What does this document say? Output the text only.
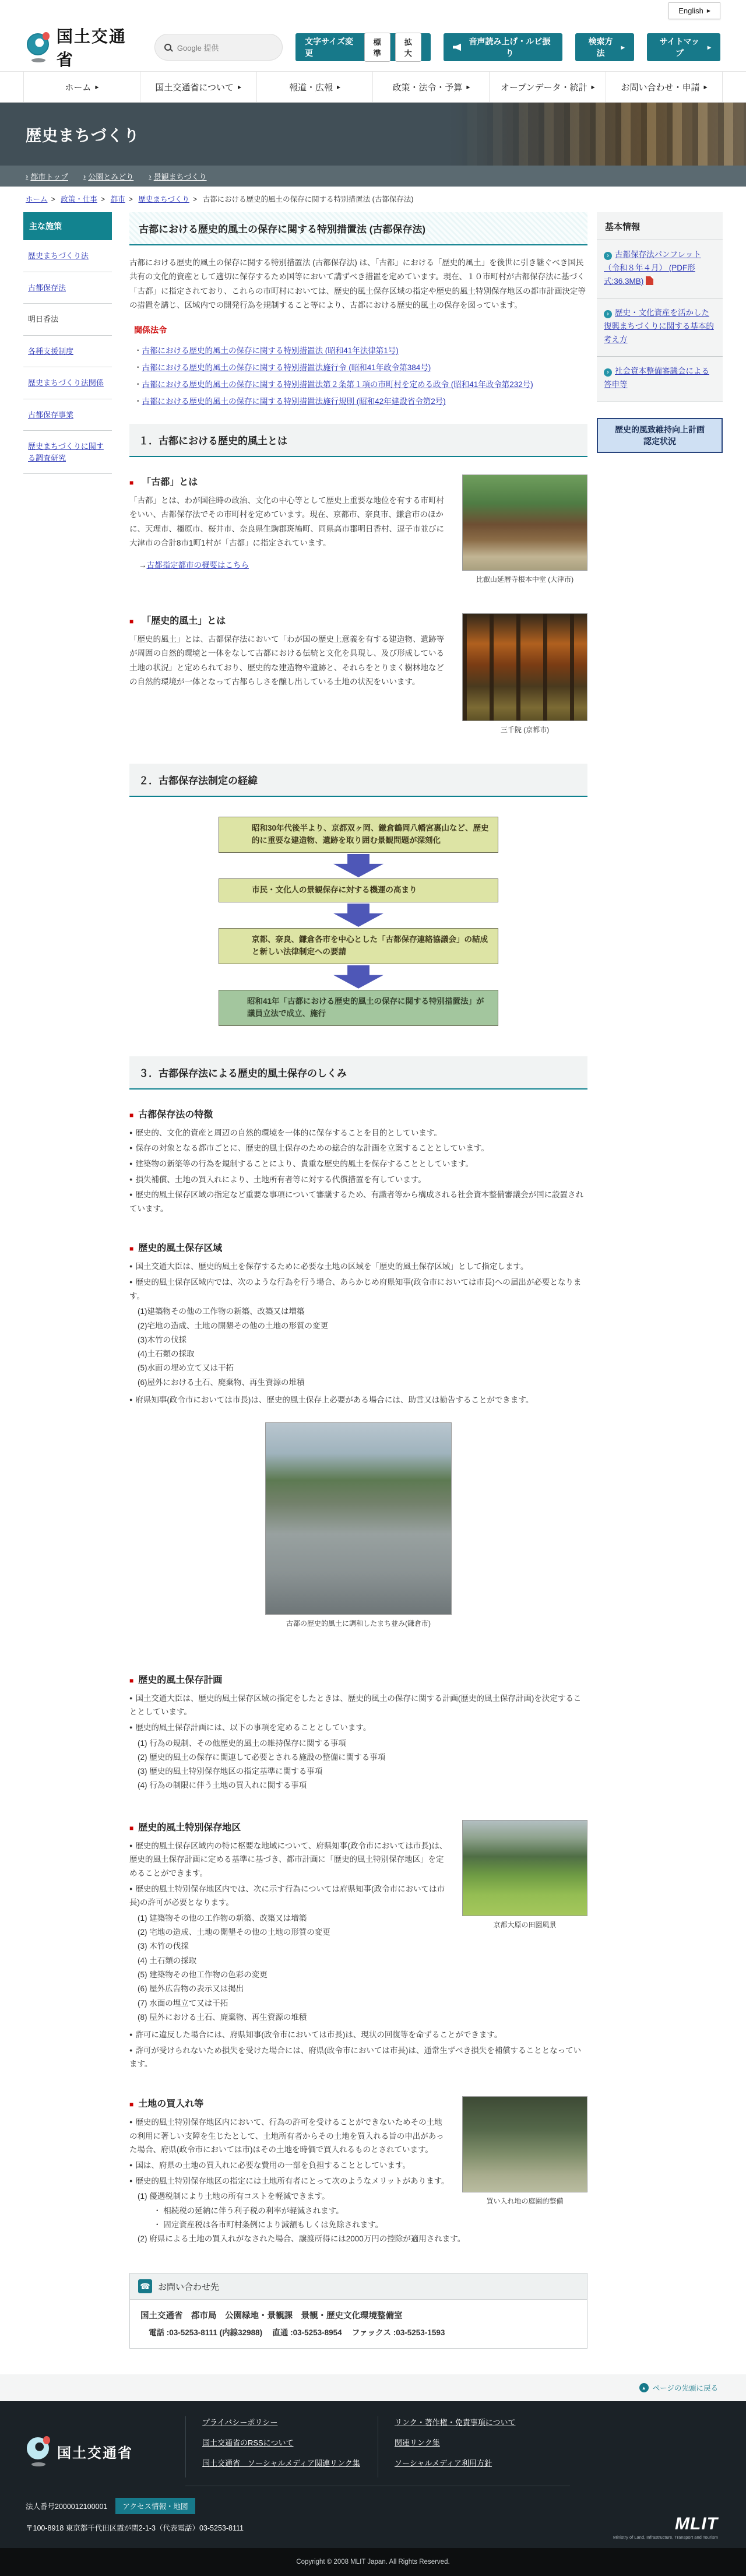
English ▶
国土交通省
Google 提供
文字サイズ変更
標準
拡大
音声読み上げ・ルビ振り
検索方法
▶
サイトマップ
▶
ホーム ▶	国土交通省について ▶	報道・広報 ▶	政策・法令・予算 ▶	オープンデータ・統計 ▶	お問い合わせ・申請 ▶
歴史まちづくり
› 都市トップ	› 公園とみどり	› 景観まちづくり
ホーム > 政策・仕事 > 都市 > 歴史まちづくり > 古都における歴史的風土の保存に関する特別措置法 (古都保存法)
主な施策
歴史まちづくり法
古都保存法
明日香法
各種支援制度
歴史まちづくり法関係
古都保存事業
歴史まちづくりに関する調査研究
古都における歴史的風土の保存に関する特別措置法 (古都保存法)

古都における歴史的風土の保存に関する特別措置法 (古都保存法) は、「古都」における「歴史的風土」を後世に引き継ぐべき国民共有の文化的資産として適切に保存するため国等において講ずべき措置を定めています。現在、１０市町村が古都保存法に基づく「古都」に指定されており、これらの市町村においては、歴史的風土保存区域の指定や歴史的風土特別保存地区の都市計画決定等の措置を講じ、区域内での開発行為を規制すること等により、古都における歴史的風土の保存を図っています。

関係法令
・ 古都における歴史的風土の保存に関する特別措置法 (昭和41年法律第1号)
・ 古都における歴史的風土の保存に関する特別措置法施行令 (昭和41年政令第384号)
・ 古都における歴史的風土の保存に関する特別措置法第２条第１項の市町村を定める政令 (昭和41年政令第232号)
・ 古都における歴史的風土の保存に関する特別措置法施行規則 (昭和42年建設省令第2号)
１．古都における歴史的風土とは
比叡山延暦寺根本中堂 (大津市)
■ 「古都」とは

「古都」とは、わが国往時の政治、文化の中心等として歴史上重要な地位を有する市町村をいい、古都保存法でその市町村を定めています。現在、京都市、奈良市、鎌倉市のほかに、天理市、橿原市、桜井市、奈良県生駒郡斑鳩町、同県高市郡明日香村、逗子市並びに大津市の合計8市1町1村が「古都」に指定されています。

→古都指定都市の概要はこちら
三千院 (京都市)
■ 「歴史的風土」とは

「歴史的風土」とは、古都保存法において「わが国の歴史上意義を有する建造物、遺跡等が周囲の自然的環境と一体をなして古都における伝統と文化を具現し、及び形成している土地の状況」と定められており、歴史的な建造物や遺跡と、それらをとりまく樹林地などの自然的環境が一体となって古都らしさを醸し出している土地の状況をいいます。

２．古都保存法制定の経緯
昭和30年代後半より、京都双ヶ岡、鎌倉鶴岡八幡宮裏山など、歴史的に重要な建造物、遺跡を取り囲む景観問題が深刻化
市民・文化人の景観保存に対する機運の高まり
京都、奈良、鎌倉各市を中心とした「古都保存連絡協議会」の結成と新しい法律制定への要請
昭和41年「古都における歴史的風土の保存に関する特別措置法」が議員立法で成立、施行
３．古都保存法による歴史的風土保存のしくみ
■ 古都保存法の特徴
● 歴史的、文化的資産と周辺の自然的環境を一体的に保存することを目的としています。
● 保存の対象となる都市ごとに、歴史的風土保存のための総合的な計画を立案することとしています。
● 建築物の新築等の行為を規制することにより、貴重な歴史的風土を保存することとしています。
● 損失補償、土地の買入れにより、土地所有者等に対する代償措置を有しています。
● 歴史的風土保存区域の指定など重要な事項について審議するため、有識者等から構成される社会資本整備審議会が国に設置されています。
■ 歴史的風土保存区域
● 国土交通大臣は、歴史的風土を保存するために必要な土地の区域を「歴史的風土保存区域」として指定します。
● 歴史的風土保存区域内では、次のような行為を行う場合、あらかじめ府県知事(政令市においては市長)への届出が必要となります。
(1)建築物その他の工作物の新築、改築又は増築
(2)宅地の造成、土地の開墾その他の土地の形質の変更
(3)木竹の伐採
(4)土石類の採取
(5)水面の埋め立て又は干拓
(6)屋外における土石、廃棄物、再生資源の堆積
● 府県知事(政令市においては市長)は、歴史的風土保存上必要がある場合には、助言又は勧告することができます。
古都の歴史的風土に調和したまち並み(鎌倉市)
■ 歴史的風土保存計画
● 国土交通大臣は、歴史的風土保存区域の指定をしたときは、歴史的風土の保存に関する計画(歴史的風土保存計画)を決定することとしています。
● 歴史的風土保存計画には、以下の事項を定めることとしています。
(1) 行為の規制、その他歴史的風土の維持保存に関する事項
(2) 歴史的風土の保存に関連して必要とされる施設の整備に関する事項
(3) 歴史的風土特別保存地区の指定基準に関する事項
(4) 行為の制限に伴う土地の買入れに関する事項
京都大原の田園風景
■ 歴史的風土特別保存地区
● 歴史的風土保存区域内の特に枢要な地域について、府県知事(政令市においては市長)は、歴史的風土保存計画に定める基準に基づき、都市計画に「歴史的風土特別保存地区」を定めることができます。
● 歴史的風土特別保存地区内では、次に示す行為については府県知事(政令市においては市長)の許可が必要となります。
(1) 建築物その他の工作物の新築、改築又は増築
(2) 宅地の造成、土地の開墾その他の土地の形質の変更
(3) 木竹の伐採
(4) 土石類の採取
(5) 建築物その他工作物の色彩の変更
(6) 屋外広告物の表示又は掲出
(7) 水面の埋立て又は干拓
(8) 屋外における土石、廃棄物、再生資源の堆積
● 許可に違反した場合には、府県知事(政令市においては市長)は、現状の回復等を命ずることができます。
● 許可が受けられないため損失を受けた場合には、府県(政令市においては市長)は、通常生ずべき損失を補償することとなっています。
買い入れ地の庭園的整備
■ 土地の買入れ等
● 歴史的風土特別保存地区内において、行為の許可を受けることができないためその土地の利用に著しい支障を生じたとして、土地所有者からその土地を買入れる旨の申出があった場合、府県(政令市においては市)はその土地を時価で買入れるものとされています。
● 国は、府県の土地の買入れに必要な費用の一部を負担することとしています。
● 歴史的風土特別保存地区の指定には土地所有者にとって次のようなメリットがあります。
(1) 優遇税制により土地の所有コストを軽減できます。
　　・ 相続税の延納に伴う利子税の利率が軽減されます。
　　・ 固定資産税は各市町村条例により減額もしくは免除されます。
(2) 府県による土地の買入れがなされた場合、譲渡所得には2000万円の控除が適用されます。
☎ お問い合わせ先
国土交通省　都市局　公園緑地・景観課　景観・歴史文化環境整備室
電話 :03-5253-8111 (内線32988)　 直通 :03-5253-8954　 ファックス :03-5253-1593
基本情報
› 古都保存法パンフレット（令和８年４月） (PDF形式:36.3MB)
› 歴史・文化資産を活かした 復興まちづくりに関する基本的考え方
› 社会資本整備審議会による答申等
歴史的風致維持向上計画
認定状況
▲ ページの先頭に戻る
国土交通省
プライバシーポリシー
国土交通省のRSSについて
国土交通省　ソーシャルメディア関連リンク集
リンク・著作権・免責事項について
関連リンク集
ソーシャルメディア利用方針
法人番号2000012100001	アクセス情報・地図
〒100-8918 東京都千代田区霞が関2-1-3（代表電話）03-5253-8111	MLIT
Ministry of Land, Infrastructure, Transport and Tourism
Copyright © 2008 MLIT Japan. All Rights Reserved.
